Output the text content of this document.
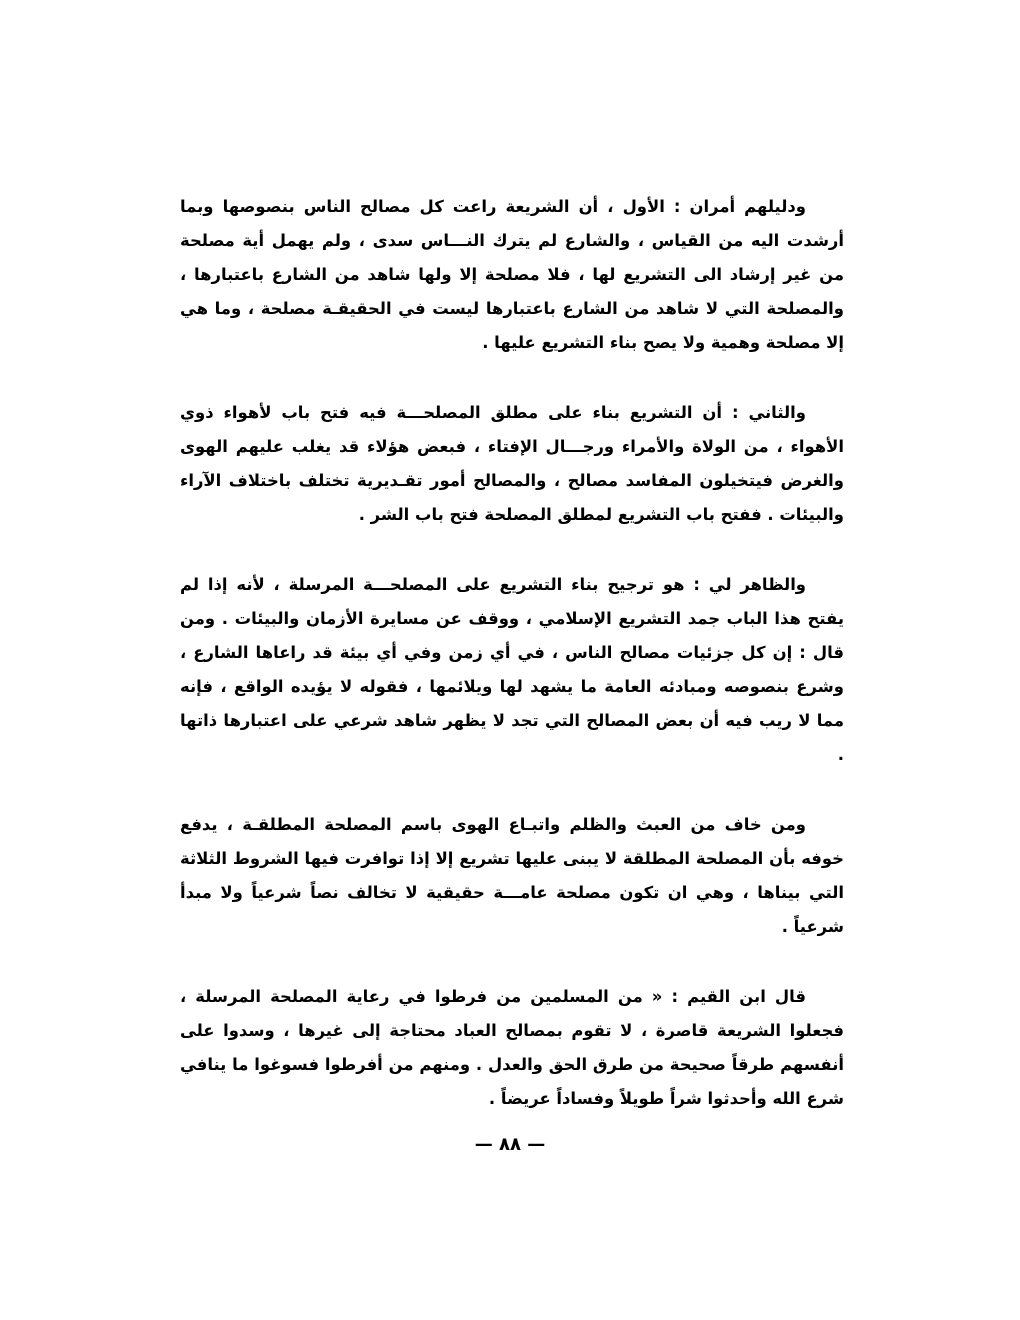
ودليلهم أمران : الأول ، أن الشريعة راعت كل مصالح الناس بنصوصها وبما أرشدت اليه من القياس ، والشارع لم يترك النـــاس سدى ، ولم يهمل أية مصلحة من غير إرشاد الى التشريع لها ، فلا مصلحة إلا ولها شاهد من الشارع باعتبارها ، والمصلحة التي لا شاهد من الشارع باعتبارها ليست في الحقيقـة مصلحة ، وما هي إلا مصلحة وهمية ولا يصح بناء التشريع عليها .

والثاني : أن التشريع بناء على مطلق المصلحـــة فيه فتح باب لأهواء ذوي الأهواء ، من الولاة والأمراء ورجـــال الإفتاء ، فبعض هؤلاء قد يغلب عليهم الهوى والغرض فيتخيلون المفاسد مصالح ، والمصالح أمور تقـديرية تختلف باختلاف الآراء والبيئات . ففتح باب التشريع لمطلق المصلحة فتح باب الشر .

والظاهر لي : هو ترجيح بناء التشريع على المصلحـــة المرسلة ، لأنه إذا لم يفتح هذا الباب جمد التشريع الإسلامي ، ووقف عن مسايرة الأزمان والبيئات . ومن قال : إن كل جزئيات مصالح الناس ، في أي زمن وفي أي بيئة قد راعاها الشارع ، وشرع بنصوصه ومبادئه العامة ما يشهد لها ويلائمها ، فقوله لا يؤيده الواقع ، فإنه مما لا ريب فيه أن بعض المصالح التي تجد لا يظهر شاهد شرعي على اعتبارها ذاتها .

ومن خاف من العبث والظلم واتبـاع الهوى باسم المصلحة المطلقـة ، يدفع خوفه بأن المصلحة المطلقة لا يبنى عليها تشريع إلا إذا توافرت فيها الشروط الثلاثة التي بيناها ، وهي ان تكون مصلحة عامـــة حقيقية لا تخالف نصاً شرعياً ولا مبدأ شرعياً .

قال ابن القيم : « من المسلمين من فرطوا في رعاية المصلحة المرسلة ، فجعلوا الشريعة قاصرة ، لا تقوم بمصالح العباد محتاجة إلى غيرها ، وسدوا على أنفسهم طرقاً صحيحة من طرق الحق والعدل . ومنهم من أفرطوا فسوغوا ما ينافي شرع الله وأحدثوا شراً طويلاً وفساداً عريضاً .

— ٨٨ —
